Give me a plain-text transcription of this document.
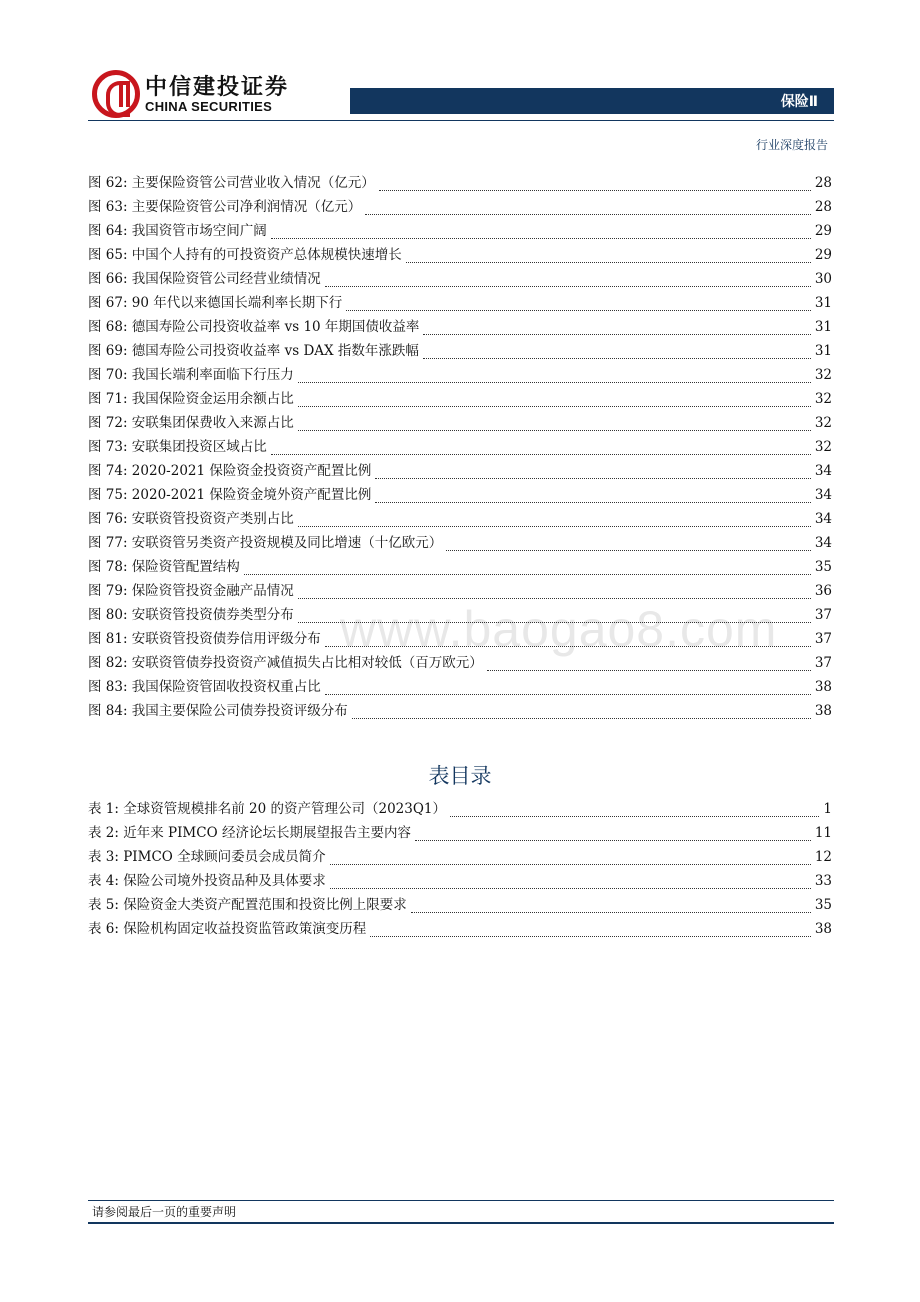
中信建投证券
CHINA SECURITIES	保险Ⅱ
行业深度报告
www.baogao8.com
图 62: 主要保险资管公司营业收入情况（亿元）	28
图 63: 主要保险资管公司净利润情况（亿元）	28
图 64: 我国资管市场空间广阔	29
图 65: 中国个人持有的可投资资产总体规模快速增长	29
图 66: 我国保险资管公司经营业绩情况	30
图 67: 90 年代以来德国长端利率长期下行	31
图 68: 德国寿险公司投资收益率 vs 10 年期国债收益率	31
图 69: 德国寿险公司投资收益率 vs DAX 指数年涨跌幅	31
图 70: 我国长端利率面临下行压力	32
图 71: 我国保险资金运用余额占比	32
图 72: 安联集团保费收入来源占比	32
图 73: 安联集团投资区域占比	32
图 74: 2020-2021 保险资金投资资产配置比例	34
图 75: 2020-2021 保险资金境外资产配置比例	34
图 76: 安联资管投资资产类别占比	34
图 77: 安联资管另类资产投资规模及同比增速（十亿欧元）	34
图 78: 保险资管配置结构	35
图 79: 保险资管投资金融产品情况	36
图 80: 安联资管投资债券类型分布	37
图 81: 安联资管投资债券信用评级分布	37
图 82: 安联资管债券投资资产减值损失占比相对较低（百万欧元）	37
图 83: 我国保险资管固收投资权重占比	38
图 84: 我国主要保险公司债券投资评级分布	38
表目录
表 1: 全球资管规模排名前 20 的资产管理公司（2023Q1）	1
表 2: 近年来 PIMCO 经济论坛长期展望报告主要内容	11
表 3: PIMCO 全球顾问委员会成员简介	12
表 4: 保险公司境外投资品种及具体要求	33
表 5: 保险资金大类资产配置范围和投资比例上限要求	35
表 6: 保险机构固定收益投资监管政策演变历程	38
请参阅最后一页的重要声明
